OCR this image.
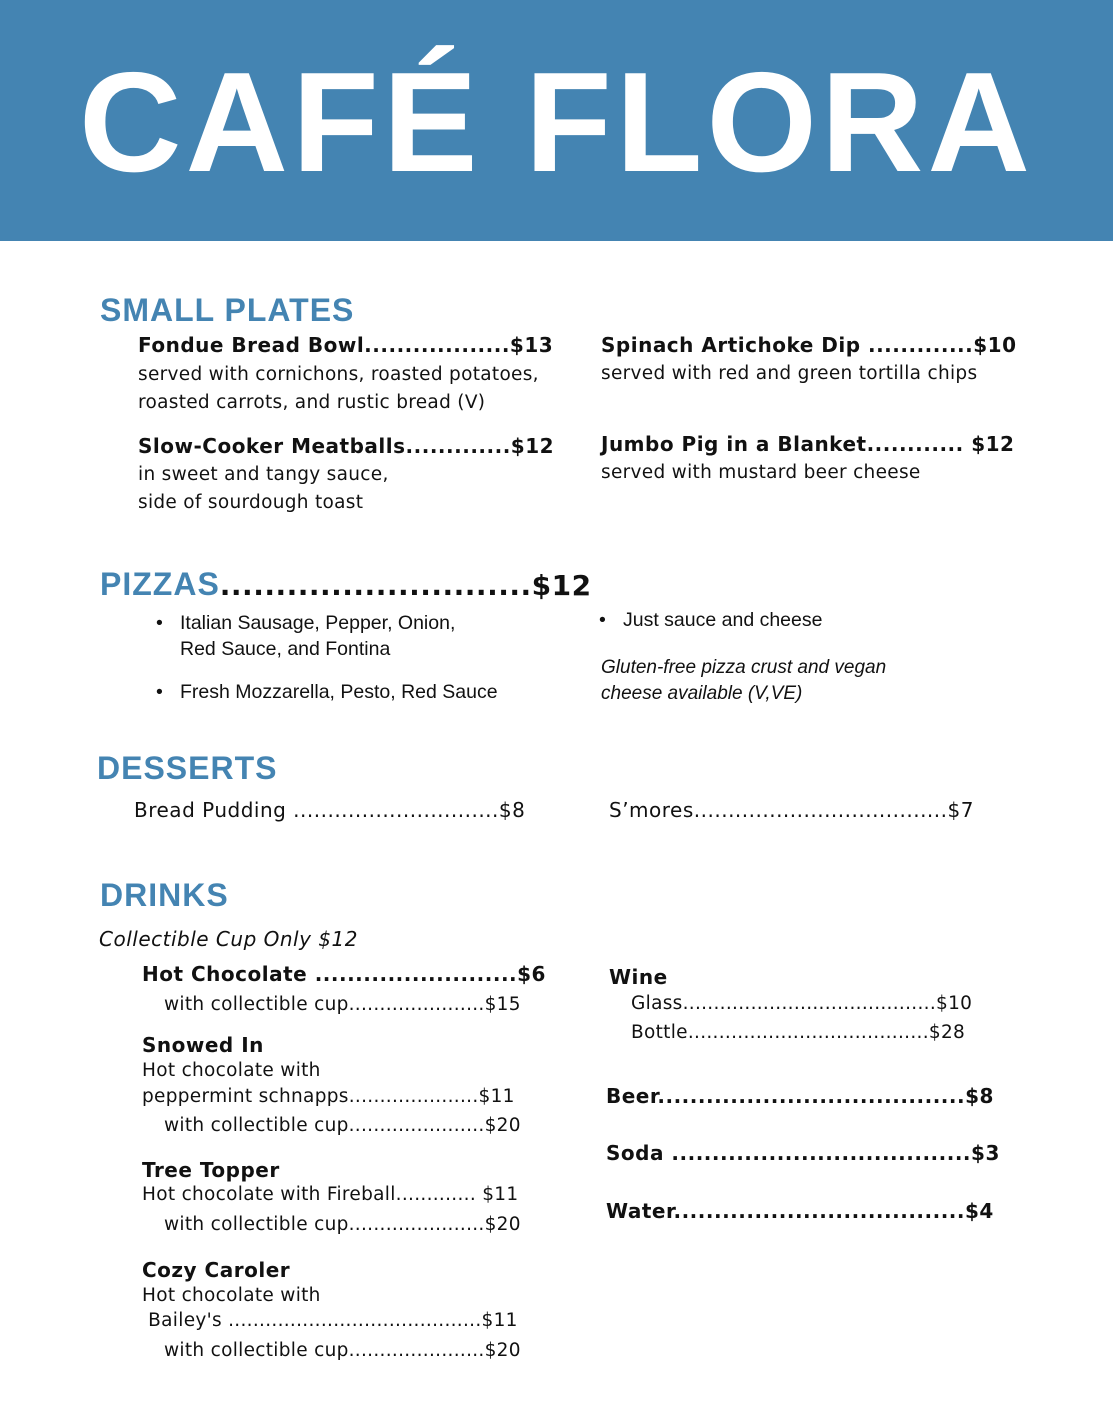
CAFÉ FLORA
SMALL PLATES
Fondue Bread Bowl..................$13
served with cornichons, roasted potatoes,
roasted carrots, and rustic bread (V)
Spinach Artichoke Dip .............$10
served with red and green tortilla chips
Slow-Cooker Meatballs.............$12
in sweet and tangy sauce,
side of sourdough toast
Jumbo Pig in a Blanket............ $12
served with mustard beer cheese
PIZZAS............................$12
• Italian Sausage, Pepper, Onion,
Red Sauce, and Fontina
• Fresh Mozzarella, Pesto, Red Sauce
• Just sauce and cheese
Gluten-free pizza crust and vegan
cheese available (V,VE)
DESSERTS
Bread Pudding ..............................$8	S’mores.....................................$7
DRINKS
Collectible Cup Only $12
Hot Chocolate .........................$6
with collectible cup......................$15
Snowed In
Hot chocolate with
peppermint schnapps.....................$11
with collectible cup......................$20
Tree Topper
Hot chocolate with Fireball............. $11
with collectible cup......................$20
Cozy Caroler
Hot chocolate with
Bailey's .........................................$11
with collectible cup......................$20
Wine
Glass.........................................$10
Bottle.......................................$28
Beer......................................$8
Soda .....................................$3
Water....................................$4
